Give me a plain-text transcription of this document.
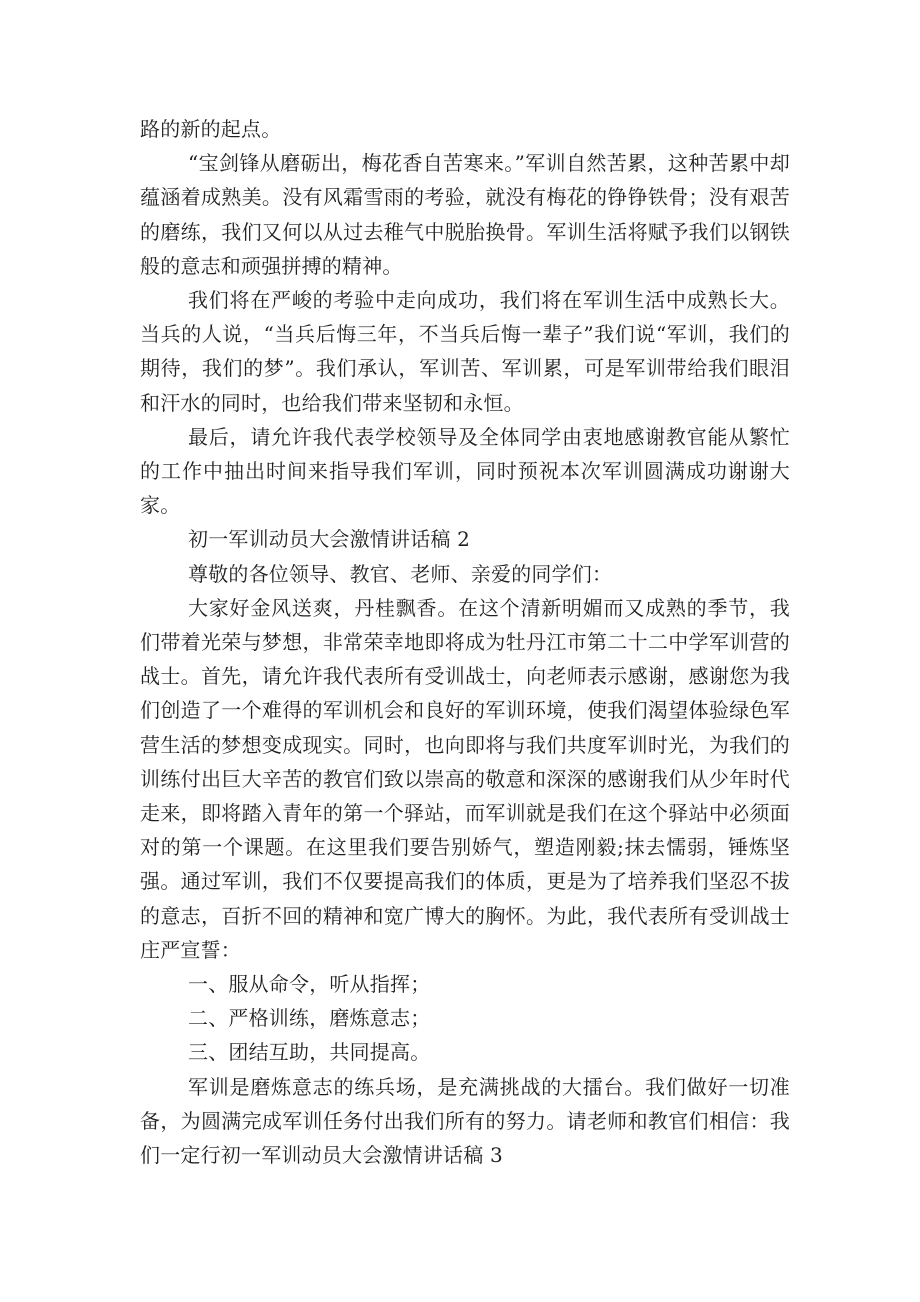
路的新的起点。

“宝剑锋从磨砺出，梅花香自苦寒来。”军训自然苦累，这种苦累中却蕴涵着成熟美。没有风霜雪雨的考验，就没有梅花的铮铮铁骨；没有艰苦的磨练，我们又何以从过去稚气中脱胎换骨。军训生活将赋予我们以钢铁般的意志和顽强拼搏的精神。

我们将在严峻的考验中走向成功，我们将在军训生活中成熟长大。当兵的人说，“当兵后悔三年，不当兵后悔一辈子”我们说“军训，我们的期待，我们的梦”。我们承认，军训苦、军训累，可是军训带给我们眼泪和汗水的同时，也给我们带来坚韧和永恒。

最后，请允许我代表学校领导及全体同学由衷地感谢教官能从繁忙的工作中抽出时间来指导我们军训，同时预祝本次军训圆满成功谢谢大家。

初一军训动员大会激情讲话稿 2

尊敬的各位领导、教官、老师、亲爱的同学们：

大家好金风送爽，丹桂飘香。在这个清新明媚而又成熟的季节，我们带着光荣与梦想，非常荣幸地即将成为牡丹江市第二十二中学军训营的战士。首先，请允许我代表所有受训战士，向老师表示感谢，感谢您为我们创造了一个难得的军训机会和良好的军训环境，使我们渴望体验绿色军营生活的梦想变成现实。同时，也向即将与我们共度军训时光，为我们的训练付出巨大辛苦的教官们致以崇高的敬意和深深的感谢我们从少年时代走来，即将踏入青年的第一个驿站，而军训就是我们在这个驿站中必须面对的第一个课题。在这里我们要告别娇气，塑造刚毅;抹去懦弱，锤炼坚强。通过军训，我们不仅要提高我们的体质，更是为了培养我们坚忍不拔的意志，百折不回的精神和宽广博大的胸怀。为此，我代表所有受训战士庄严宣誓：

一、服从命令，听从指挥；

二、严格训练，磨炼意志；

三、团结互助，共同提高。

军训是磨炼意志的练兵场，是充满挑战的大擂台。我们做好一切准备，为圆满完成军训任务付出我们所有的努力。请老师和教官们相信：我们一定行初一军训动员大会激情讲话稿 3
